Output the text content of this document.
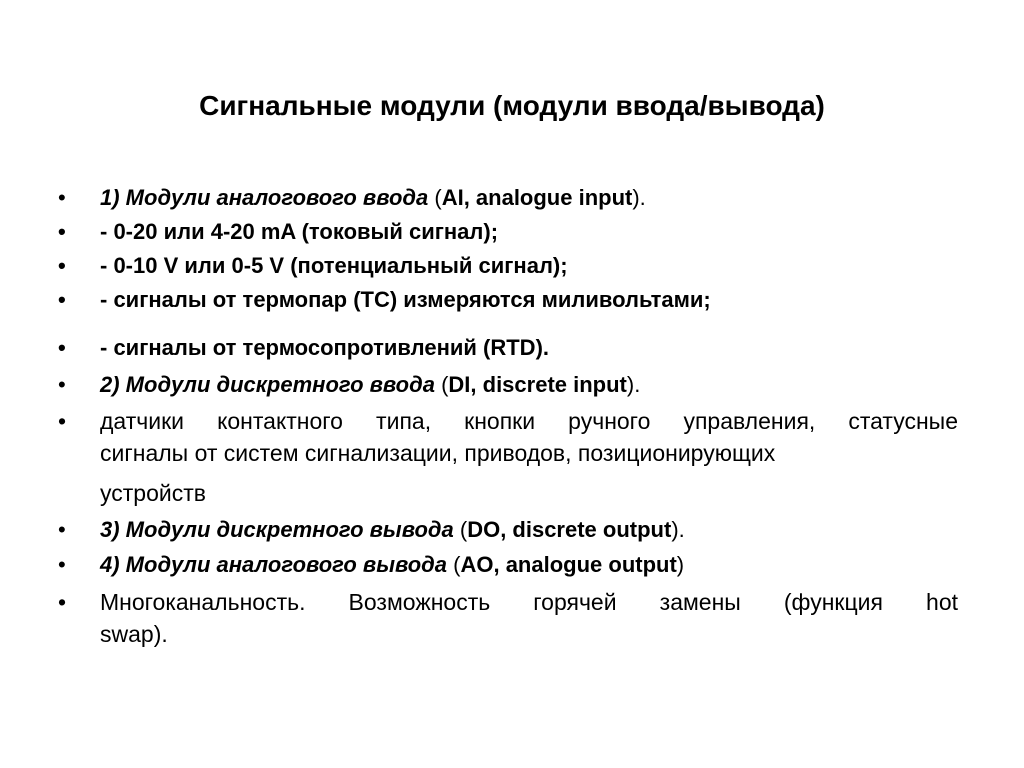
Сигнальные модули (модули ввода/вывода)
• 1) Модули аналогового ввода (AI, analogue input).
• - 0-20 или 4-20 mA (токовый сигнал);
• - 0-10 V или 0-5 V (потенциальный сигнал);
• - сигналы от термопар (TC) измеряются миливольтами;
• - сигналы от термосопротивлений (RTD).
• 2) Модули дискретного ввода (DI, discrete input).
• датчики контактного типа, кнопки ручного управления, статусные
сигналы от систем сигнализации, приводов, позиционирующих
устройств
• 3) Модули дискретного вывода (DO, discrete output).
• 4) Модули аналогового вывода (AO, analogue output)
• Многоканальность. Возможность горячей замены (функция hot
swap).
